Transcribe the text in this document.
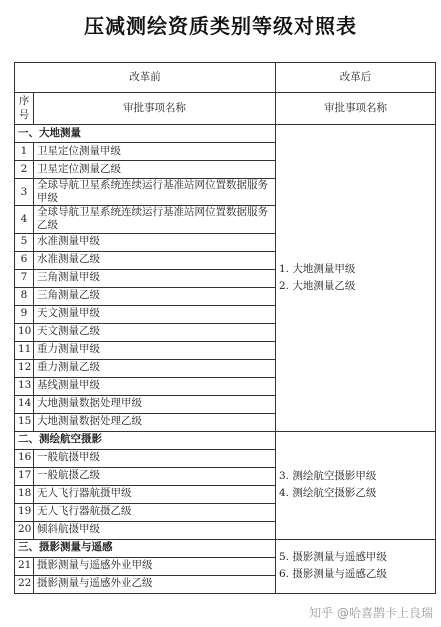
压减测绘资质类别等级对照表
改革前		改革后
序号	审批事项名称	审批事项名称
一、大地测量		1. 大地测量甲级
2. 大地测量乙级

1	卫星定位测量甲级	
2	卫星定位测量乙级	
3	全球导航卫星系统连续运行基准站网位置数据服务甲级	
4	全球导航卫星系统连续运行基准站网位置数据服务乙级	
5	水准测量甲级	
6	水准测量乙级	
7	三角测量甲级	
8	三角测量乙级	
9	天文测量甲级	
10	天文测量乙级	
11	重力测量甲级	
12	重力测量乙级	
13	基线测量甲级	
14	大地测量数据处理甲级	
15	大地测量数据处理乙级	
二、测绘航空摄影		3. 测绘航空摄影甲级
4. 测绘航空摄影乙级

16	一般航摄甲级	
17	一般航摄乙级	
18	无人飞行器航摄甲级	
19	无人飞行器航摄乙级	
20	倾斜航摄甲级	
三、摄影测量与遥感		5. 摄影测量与遥感甲级
6. 摄影测量与遥感乙级

21	摄影测量与遥感外业甲级	
22	摄影测量与遥感外业乙级	
知乎 @哈喜鹊卡上良瑞
